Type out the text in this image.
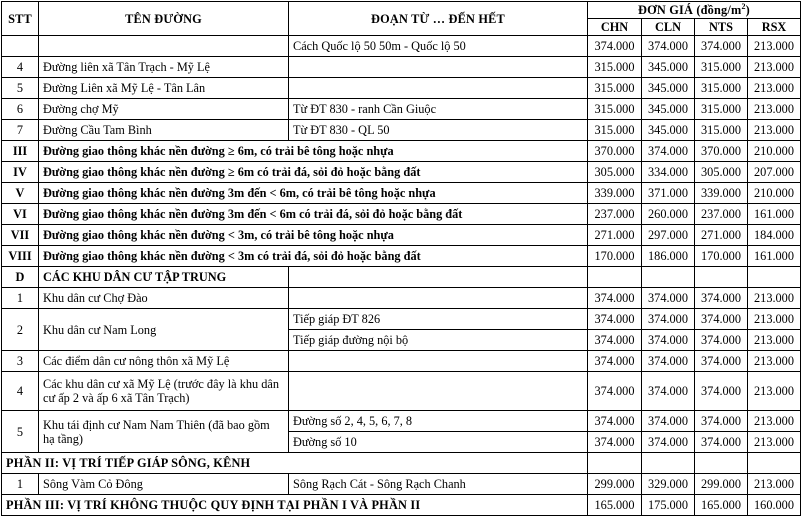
STT	TÊN ĐƯỜNG	ĐOẠN TỪ … ĐẾN HẾT	ĐƠN GIÁ $(đồng/m^2)$			
			CHN	CLN	NTS	RSX
		Cách Quốc lộ 50 50m - Quốc lộ 50	374.000	374.000	374.000	213.000
4	Đường liên xã Tân Trạch - Mỹ Lệ		315.000	345.000	315.000	213.000
5	Đường Liên xã Mỹ Lệ - Tân Lân		315.000	345.000	315.000	213.000
6	Đường chợ Mỹ	Từ ĐT 830 - ranh Cần Giuộc	315.000	345.000	315.000	213.000
7	Đường Cầu Tam Bình	Từ ĐT 830 - QL 50	315.000	345.000	315.000	213.000
III	Đường giao thông khác nền đường ≥ 6m, có trải bê tông hoặc nhựa		370.000	374.000	370.000	210.000
IV	Đường giao thông khác nền đường ≥ 6m có trải đá, sỏi đỏ hoặc bằng đất		305.000	334.000	305.000	207.000
V	Đường giao thông khác nền đường 3m đến < 6m, có trải bê tông hoặc nhựa		339.000	371.000	339.000	210.000
VI	Đường giao thông khác nền đường 3m đến < 6m có trải đá, sỏi đỏ hoặc bằng đất		237.000	260.000	237.000	161.000
VII	Đường giao thông khác nền đường < 3m, có trải bê tông hoặc nhựa		271.000	297.000	271.000	184.000
VIII	Đường giao thông khác nền đường < 3m có trải đá, sỏi đỏ hoặc bằng đất		170.000	186.000	170.000	161.000
D	CÁC KHU DÂN CƯ TẬP TRUNG					
1	Khu dân cư Chợ Đào		374.000	374.000	374.000	213.000
2	Khu dân cư Nam Long	Tiếp giáp ĐT 826	374.000	374.000	374.000	213.000
		Tiếp giáp đường nội bộ	374.000	374.000	374.000	213.000
3	Các điểm dân cư nông thôn xã Mỹ Lệ		374.000	374.000	374.000	213.000
4	Các khu dân cư xã Mỹ Lệ (trước đây là khu dân cư ấp 2 và ấp 6 xã Tân Trạch)		374.000	374.000	374.000	213.000
5	Khu tái định cư Nam Nam Thiên (đã bao gồm hạ tầng)	Đường số 2, 4, 5, 6, 7, 8	374.000	374.000	374.000	213.000
		Đường số 10	374.000	374.000	374.000	213.000
PHẦN II: VỊ TRÍ TIẾP GIÁP SÔNG, KÊNH						
1	Sông Vàm Cỏ Đông	Sông Rạch Cát - Sông Rạch Chanh	299.000	329.000	299.000	213.000
PHẦN III: VỊ TRÍ KHÔNG THUỘC QUY ĐỊNH TẠI PHẦN I VÀ PHẦN II			165.000	175.000	165.000	160.000
